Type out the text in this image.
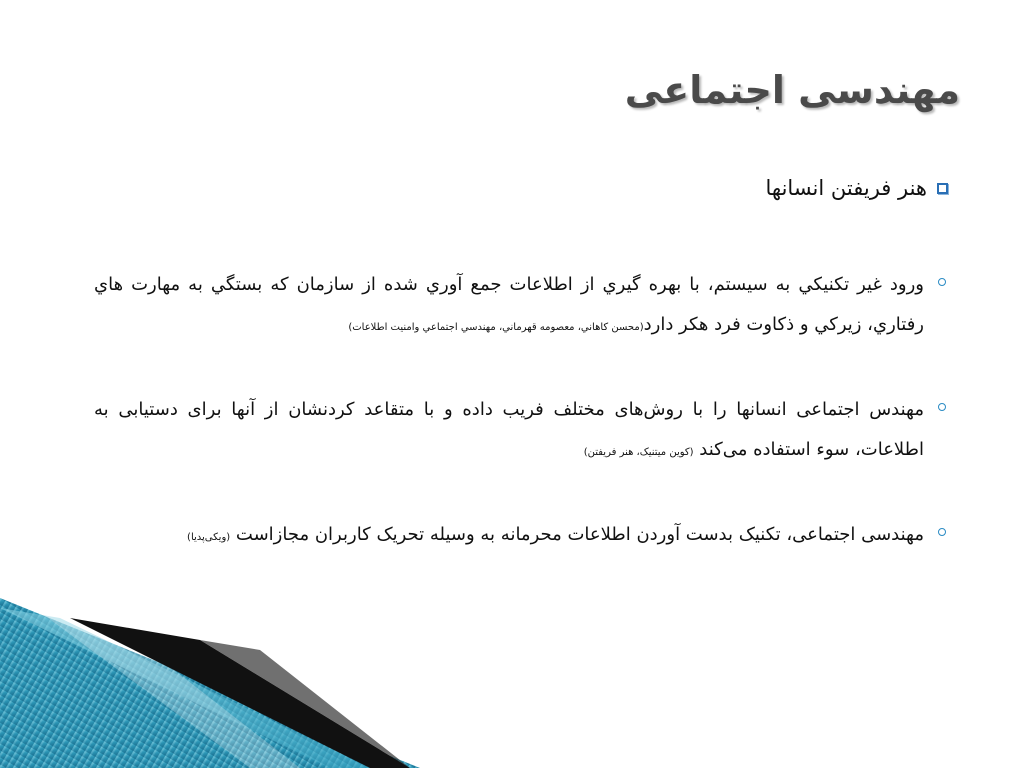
مهندسی اجتماعی
هنر فریفتن انسانها
ورود غير تكنيكي به سيستم، با بهره گيري از اطلاعات جمع آوري شده از سازمان كه بستگي به مهارت هاي رفتاري، زيركي و ذكاوت فرد هكر دارد(محسن كاهاني، معصومه قهرماني، مهندسي اجتماعي وامنيت اطلاعات)
مهندس اجتماعی انسانها را با روش‌های مختلف فریب داده و با متقاعد کردنشان از آنها برای دستیابی به اطلاعات، سوء استفاده می‌کند (کوین میتنیک، هنر فریفتن)
مهندسی اجتماعی، تکنیک بدست آوردن اطلاعات محرمانه به وسیله تحریک کاربران مجازاست (ویکی‌پدیا)
